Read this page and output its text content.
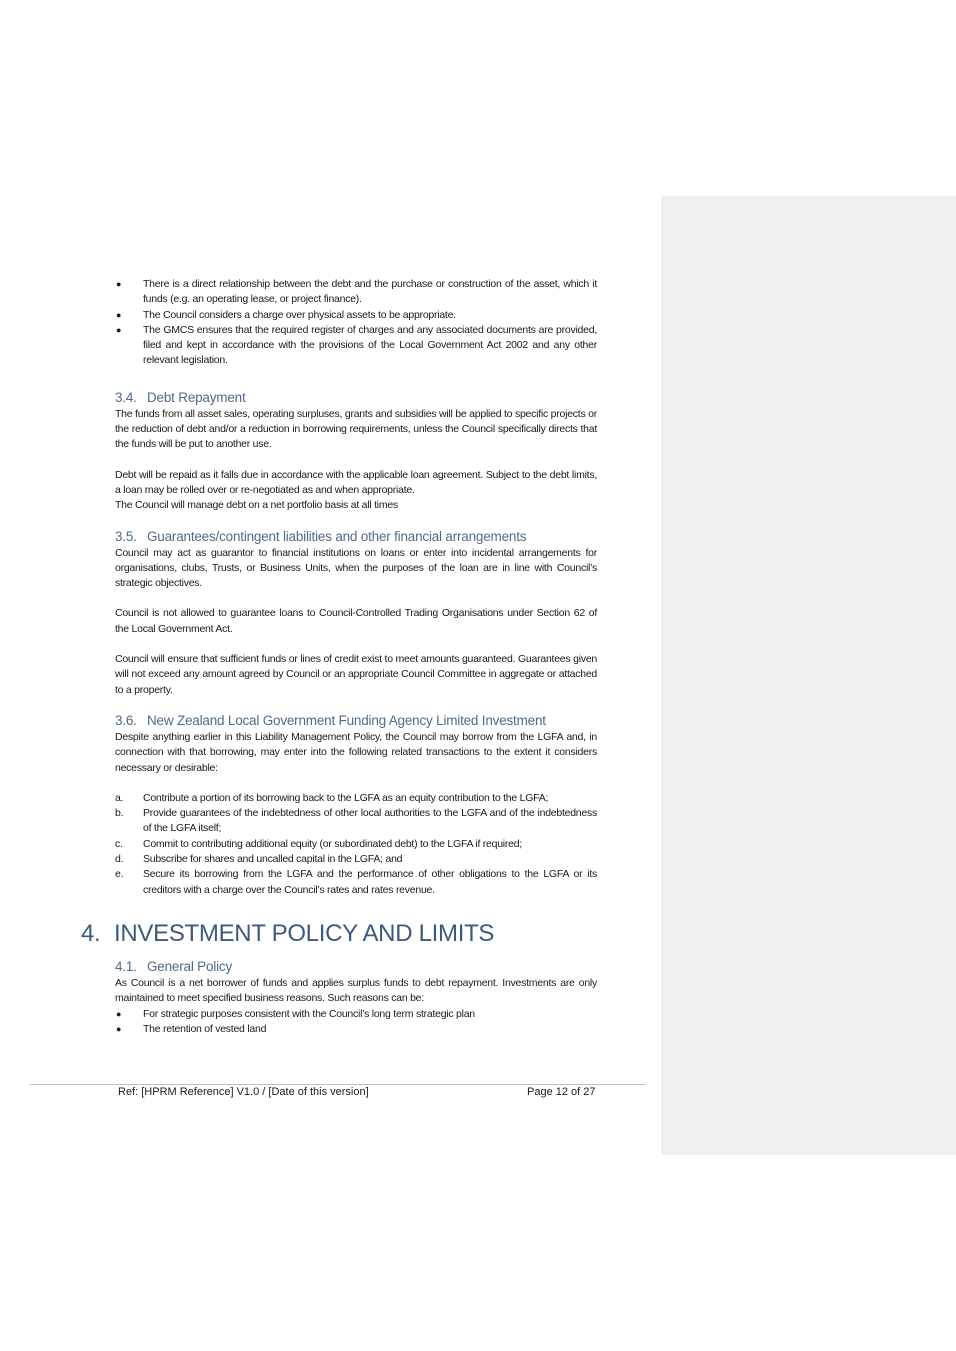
● There is a direct relationship between the debt and the purchase or construction of the asset, which it funds (e.g. an operating lease, or project finance).
● The Council considers a charge over physical assets to be appropriate.
● The GMCS ensures that the required register of charges and any associated documents are provided, filed and kept in accordance with the provisions of the Local Government Act 2002 and any other relevant legislation.
3.4. Debt Repayment

The funds from all asset sales, operating surpluses, grants and subsidies will be applied to specific projects or the reduction of debt and/or a reduction in borrowing requirements, unless the Council specifically directs that the funds will be put to another use.

Debt will be repaid as it falls due in accordance with the applicable loan agreement. Subject to the debt limits, a loan may be rolled over or re-negotiated as and when appropriate.

The Council will manage debt on a net portfolio basis at all times

3.5. Guarantees/contingent liabilities and other financial arrangements

Council may act as guarantor to financial institutions on loans or enter into incidental arrangements for organisations, clubs, Trusts, or Business Units, when the purposes of the loan are in line with Council’s strategic objectives.

Council is not allowed to guarantee loans to Council-Controlled Trading Organisations under Section 62 of the Local Government Act.

Council will ensure that sufficient funds or lines of credit exist to meet amounts guaranteed. Guarantees given will not exceed any amount agreed by Council or an appropriate Council Committee in aggregate or attached to a property.

3.6. New Zealand Local Government Funding Agency Limited Investment

Despite anything earlier in this Liability Management Policy, the Council may borrow from the LGFA and, in connection with that borrowing, may enter into the following related transactions to the extent it considers necessary or desirable:

a. Contribute a portion of its borrowing back to the LGFA as an equity contribution to the LGFA;
b. Provide guarantees of the indebtedness of other local authorities to the LGFA and of the indebtedness of the LGFA itself;
c. Commit to contributing additional equity (or subordinated debt) to the LGFA if required;
d. Subscribe for shares and uncalled capital in the LGFA; and
e. Secure its borrowing from the LGFA and the performance of other obligations to the LGFA or its creditors with a charge over the Council’s rates and rates revenue.
4. INVESTMENT POLICY AND LIMITS
4.1. General Policy

As Council is a net borrower of funds and applies surplus funds to debt repayment. Investments are only maintained to meet specified business reasons. Such reasons can be:

● For strategic purposes consistent with the Council’s long term strategic plan
● The retention of vested land
Ref: [HPRM Reference] V1.0 / [Date of this version]	Page 12 of 27
